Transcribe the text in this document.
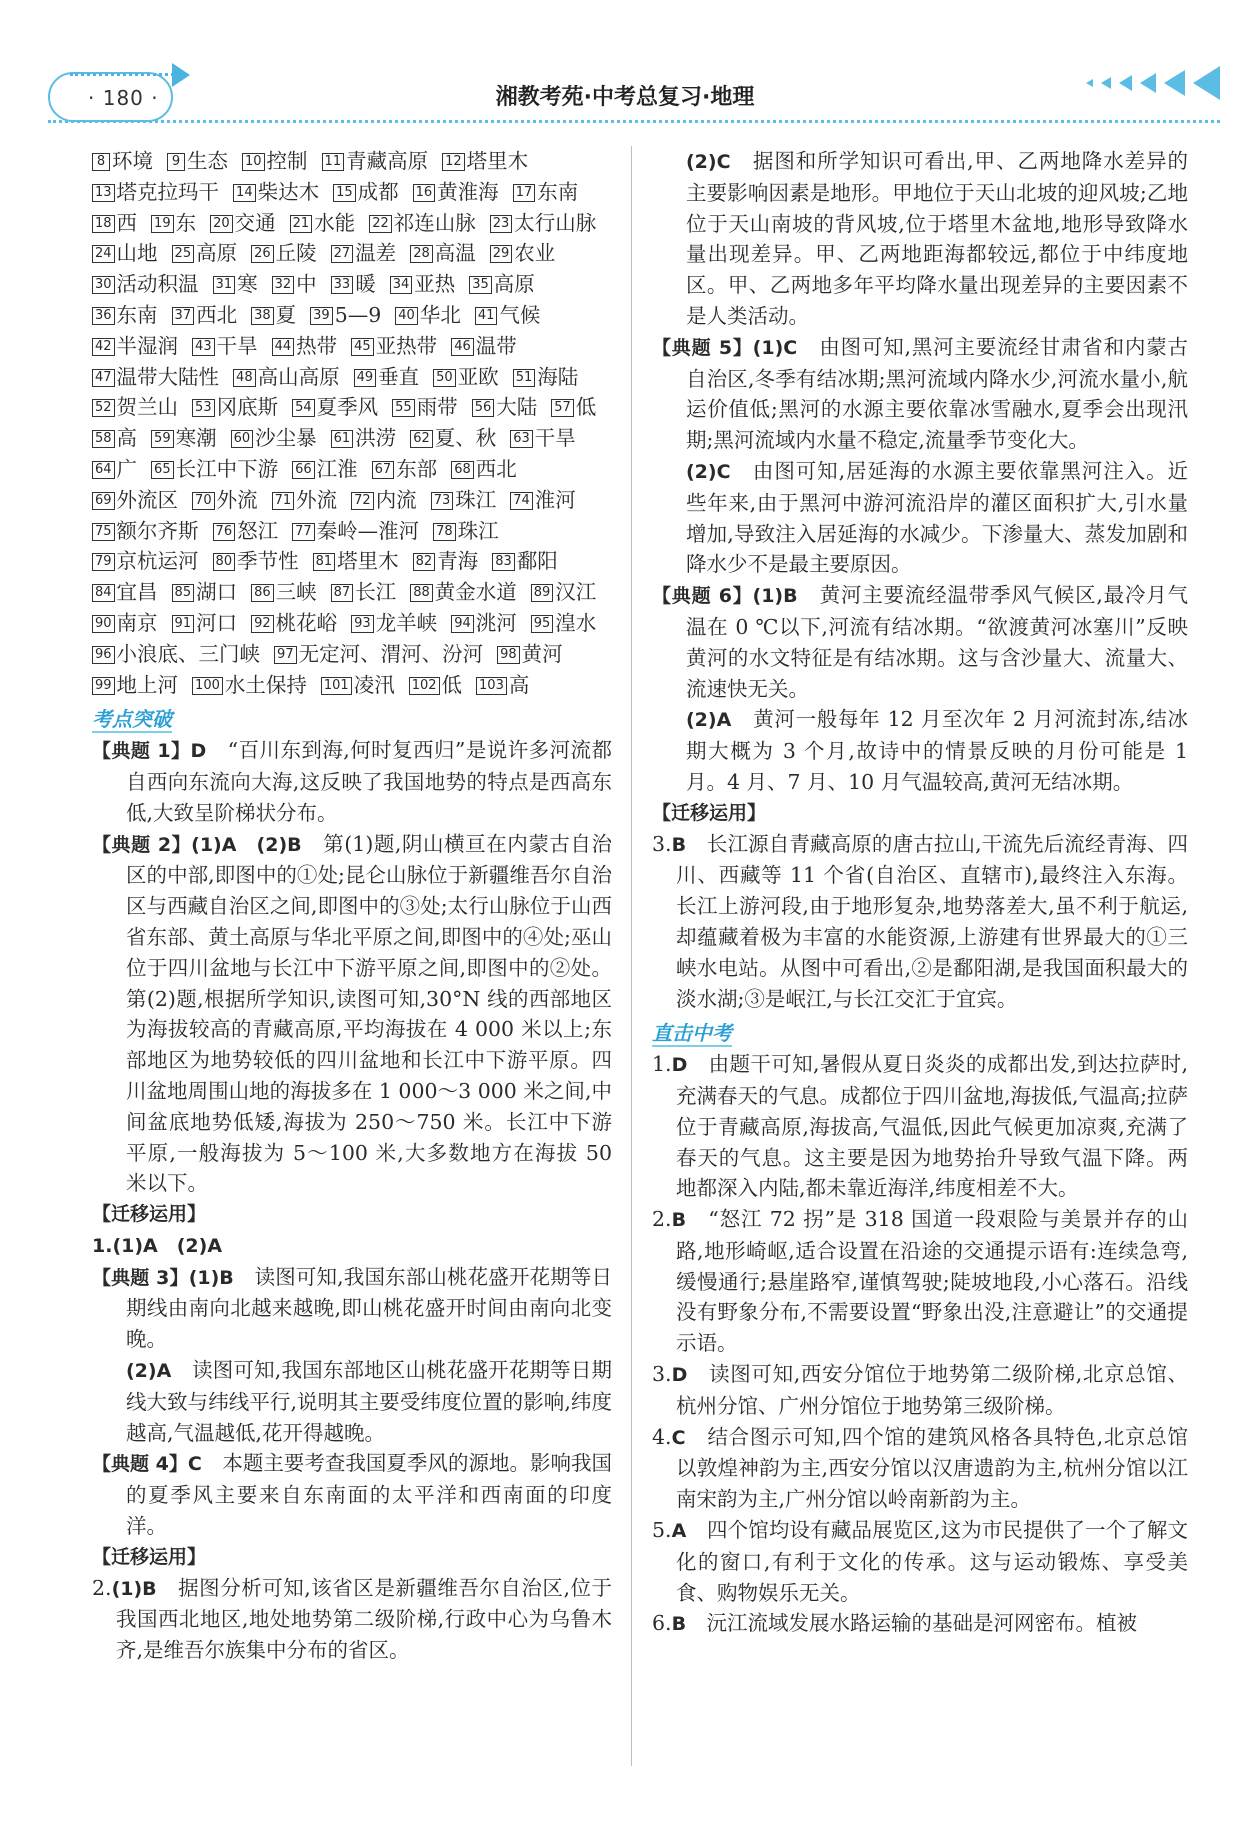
· 180 ·	湘教考苑·中考总复习·地理
8 环境 9 生态 10 控制 11 青藏高原 12 塔里木13 塔克拉玛干 14 柴达木 15 成都 16 黄淮海 17 东南18 西 19 东 20 交通 21 水能 22 祁连山脉 23 太行山脉24 山地 25 高原 26 丘陵 27 温差 28 高温 29 农业30 活动积温 31 寒 32 中 33 暖 34 亚热 35 高原36 东南 37 西北 38 夏 39 5—9 40 华北 41 气候42 半湿润 43 干旱 44 热带 45 亚热带 46 温带47 温带大陆性 48 高山高原 49 垂直 50 亚欧 51 海陆52 贺兰山 53 冈底斯 54 夏季风 55 雨带 56 大陆 57 低58 高 59 寒潮 60 沙尘暴 61 洪涝 62 夏、秋 63 干旱64 广 65 长江中下游 66 江淮 67 东部 68 西北69 外流区 70 外流 71 外流 72 内流 73 珠江 74 淮河75 额尔齐斯 76 怒江 77 秦岭—淮河 78 珠江79 京杭运河 80 季节性 81 塔里木 82 青海 83 鄱阳84 宜昌 85 湖口 86 三峡 87 长江 88 黄金水道 89 汉江90 南京 91 河口 92 桃花峪 93 龙羊峡 94 洮河 95 湟水96 小浪底、三门峡 97 无定河、渭河、汾河 98 黄河99 地上河 100 水土保持 101 凌汛 102 低 103 高
考点突破

【典题 1】D　 “百川东到海,何时复西归”是说许多河流都自西向东流向大海,这反映了我国地势的特点是西高东低,大致呈阶梯状分布。

【典题 2】(1)A　(2)B　 第(1)题,阴山横亘在内蒙古自治区的中部,即图中的①处;昆仑山脉位于新疆维吾尔自治区与西藏自治区之间,即图中的③处;太行山脉位于山西省东部、黄土高原与华北平原之间,即图中的④处;巫山位于四川盆地与长江中下游平原之间,即图中的②处。第(2)题,根据所学知识,读图可知,30°N 线的西部地区为海拔较高的青藏高原,平均海拔在 4 000 米以上;东部地区为地势较低的四川盆地和长江中下游平原。四川盆地周围山地的海拔多在 1 000～3 000 米之间,中间盆底地势低矮,海拔为 250～750 米。长江中下游平原,一般海拔为 5～100 米,大多数地方在海拔 50 米以下。

【迁移运用】

1.(1)A　(2)A

【典题 3】(1)B　 读图可知,我国东部山桃花盛开花期等日期线由南向北越来越晚,即山桃花盛开时间由南向北变晚。

(2)A　 读图可知,我国东部地区山桃花盛开花期等日期线大致与纬线平行,说明其主要受纬度位置的影响,纬度越高,气温越低,花开得越晚。

【典题 4】C　 本题主要考查我国夏季风的源地。影响我国的夏季风主要来自东南面的太平洋和西南面的印度洋。

【迁移运用】

2.(1)B　 据图分析可知,该省区是新疆维吾尔自治区,位于我国西北地区,地处地势第二级阶梯,行政中心为乌鲁木齐,是维吾尔族集中分布的省区。

(2)C　 据图和所学知识可看出,甲、乙两地降水差异的主要影响因素是地形。甲地位于天山北坡的迎风坡;乙地位于天山南坡的背风坡,位于塔里木盆地,地形导致降水量出现差异。甲、乙两地距海都较远,都位于中纬度地区。甲、乙两地多年平均降水量出现差异的主要因素不是人类活动。

【典题 5】(1)C　 由图可知,黑河主要流经甘肃省和内蒙古自治区,冬季有结冰期;黑河流域内降水少,河流水量小,航运价值低;黑河的水源主要依靠冰雪融水,夏季会出现汛期;黑河流域内水量不稳定,流量季节变化大。

(2)C　 由图可知,居延海的水源主要依靠黑河注入。近些年来,由于黑河中游河流沿岸的灌区面积扩大,引水量增加,导致注入居延海的水减少。下渗量大、蒸发加剧和降水少不是最主要原因。

【典题 6】(1)B　 黄河主要流经温带季风气候区,最冷月气温在 0 ℃以下,河流有结冰期。“欲渡黄河冰塞川”反映黄河的水文特征是有结冰期。这与含沙量大、流量大、流速快无关。

(2)A　 黄河一般每年 12 月至次年 2 月河流封冻,结冰期大概为 3 个月,故诗中的情景反映的月份可能是 1 月。4 月、7 月、10 月气温较高,黄河无结冰期。

【迁移运用】

3.B　 长江源自青藏高原的唐古拉山,干流先后流经青海、四川、西藏等 11 个省(自治区、直辖市),最终注入东海。长江上游河段,由于地形复杂,地势落差大,虽不利于航运,却蕴藏着极为丰富的水能资源,上游建有世界最大的①三峡水电站。从图中可看出,②是鄱阳湖,是我国面积最大的淡水湖;③是岷江,与长江交汇于宜宾。

直击中考

1.D　 由题干可知,暑假从夏日炎炎的成都出发,到达拉萨时,充满春天的气息。成都位于四川盆地,海拔低,气温高;拉萨位于青藏高原,海拔高,气温低,因此气候更加凉爽,充满了春天的气息。这主要是因为地势抬升导致气温下降。两地都深入内陆,都未靠近海洋,纬度相差不大。

2.B　 “怒江 72 拐”是 318 国道一段艰险与美景并存的山路,地形崎岖,适合设置在沿途的交通提示语有:连续急弯,缓慢通行;悬崖路窄,谨慎驾驶;陡坡地段,小心落石。沿线没有野象分布,不需要设置“野象出没,注意避让”的交通提示语。

3.D　 读图可知,西安分馆位于地势第二级阶梯,北京总馆、杭州分馆、广州分馆位于地势第三级阶梯。

4.C　 结合图示可知,四个馆的建筑风格各具特色,北京总馆以敦煌神韵为主,西安分馆以汉唐遗韵为主,杭州分馆以江南宋韵为主,广州分馆以岭南新韵为主。

5.A　 四个馆均设有藏品展览区,这为市民提供了一个了解文化的窗口,有利于文化的传承。这与运动锻炼、享受美食、购物娱乐无关。

6.B　 沅江流域发展水路运输的基础是河网密布。植被
